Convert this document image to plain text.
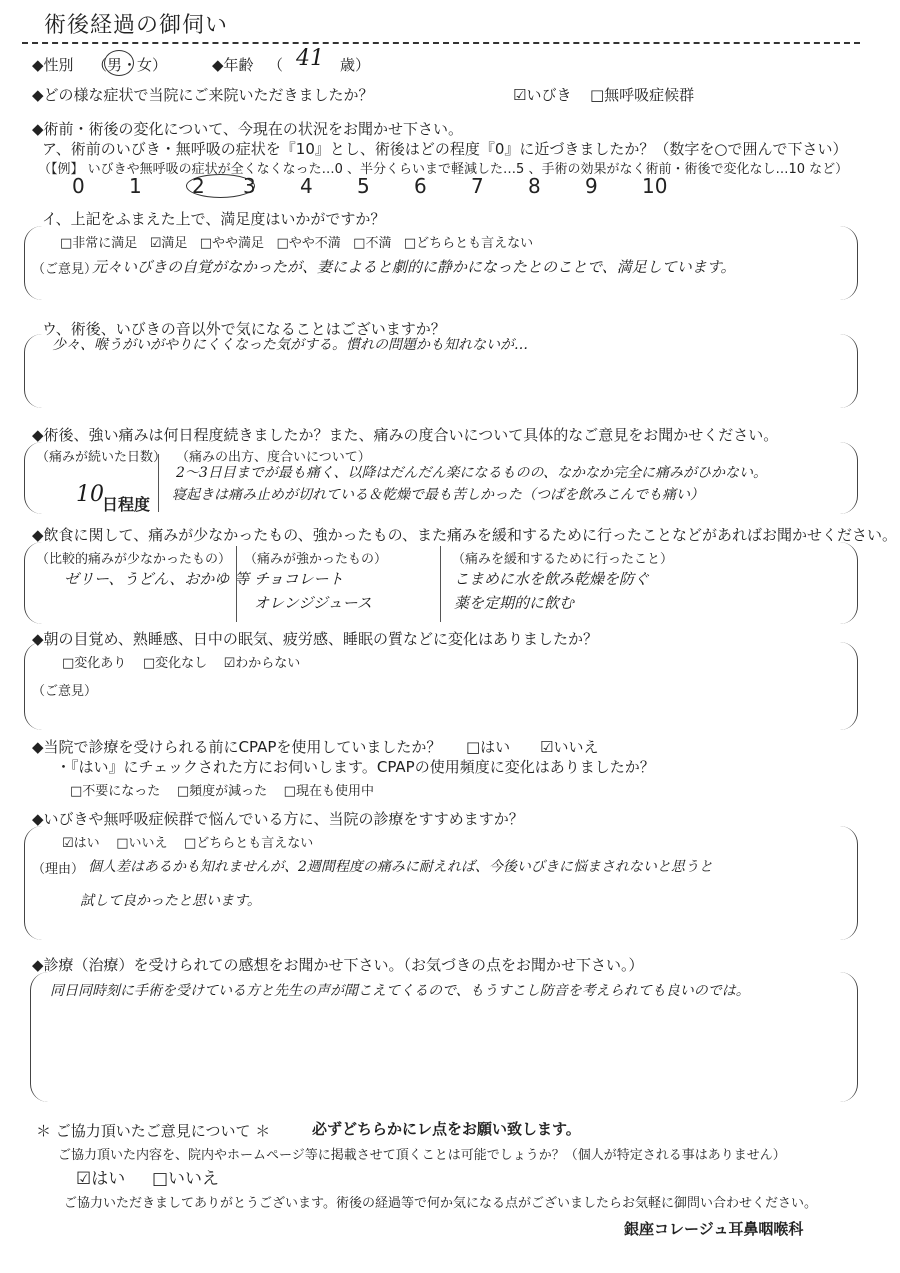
術後経過の御伺い
◆性別 （男・女）	◆年齢 （ 41 歳）
◆どの様な症状で当院にご来院いただきましたか？	☑いびき □無呼吸症候群
◆術前・術後の変化について、今現在の状況をお聞かせ下さい。
ア、術前のいびき・無呼吸の症状を『10』とし、術後はどの程度『0』に近づきましたか？（数字を○で囲んで下さい）
（【例】 いびきや無呼吸の症状が全くなくなった…0 、半分くらいまで軽減した…5 、手術の効果がなく術前・術後で変化なし…10 など）
0 1	2 3 4 5 6 7 8 9 10
イ、上記をふまえた上で、満足度はいかがですか？
□非常に満足 ☑満足 □やや満足 □やや不満 □不満 □どちらとも言えない
（ご意見）
元々いびきの自覚がなかったが、妻によると劇的に静かになったとのことで、満足しています。
ウ、術後、いびきの音以外で気になることはございますか？
少々、喉うがいがやりにくくなった気がする。慣れの問題かも知れないが…
◆術後、強い痛みは何日程度続きましたか？また、痛みの度合いについて具体的なご意見をお聞かせください。
（痛みが続いた日数）
10
日程度
（痛みの出方、度合いについて）
2～3日目までが最も痛く、以降はだんだん楽になるものの、なかなか完全に痛みがひかない。
寝起きは痛み止めが切れている＆乾燥で最も苦しかった（つばを飲みこんでも痛い）
◆飲食に関して、痛みが少なかったもの、強かったもの、また痛みを緩和するために行ったことなどがあればお聞かせください。
（比較的痛みが少なかったもの）
ゼリー、うどん、おかゆ 等
（痛みが強かったもの）
チョコレート
オレンジジュース
（痛みを緩和するために行ったこと）
こまめに水を飲み乾燥を防ぐ
薬を定期的に飲む
◆朝の目覚め、熟睡感、日中の眠気、疲労感、睡眠の質などに変化はありましたか？
□変化あり □変化なし ☑わからない
（ご意見）
◆当院で診療を受けられる前にCPAPを使用していましたか？ □はい ☑いいえ
・『はい』にチェックされた方にお伺いします。CPAPの使用頻度に変化はありましたか？
□不要になった □頻度が減った □現在も使用中
◆いびきや無呼吸症候群で悩んでいる方に、当院の診療をすすめますか？
☑はい □いいえ □どちらとも言えない
（理由） 個人差はあるかも知れませんが、2週間程度の痛みに耐えれば、今後いびきに悩まされないと思うと
試して良かったと思います。
◆診療（治療）を受けられての感想をお聞かせ下さい。（お気づきの点をお聞かせ下さい。）
同日同時刻に手術を受けている方と先生の声が聞こえてくるので、もうすこし防音を考えられても良いのでは。
＊ ご協力頂いたご意見について ＊	必ずどちらかにレ点をお願い致します。
ご協力頂いた内容を、院内やホームページ等に掲載させて頂くことは可能でしょうか？（個人が特定される事はありません）
☑はい □いいえ
ご協力いただきましてありがとうございます。術後の経過等で何か気になる点がございましたらお気軽に御問い合わせください。
銀座コレージュ耳鼻咽喉科
